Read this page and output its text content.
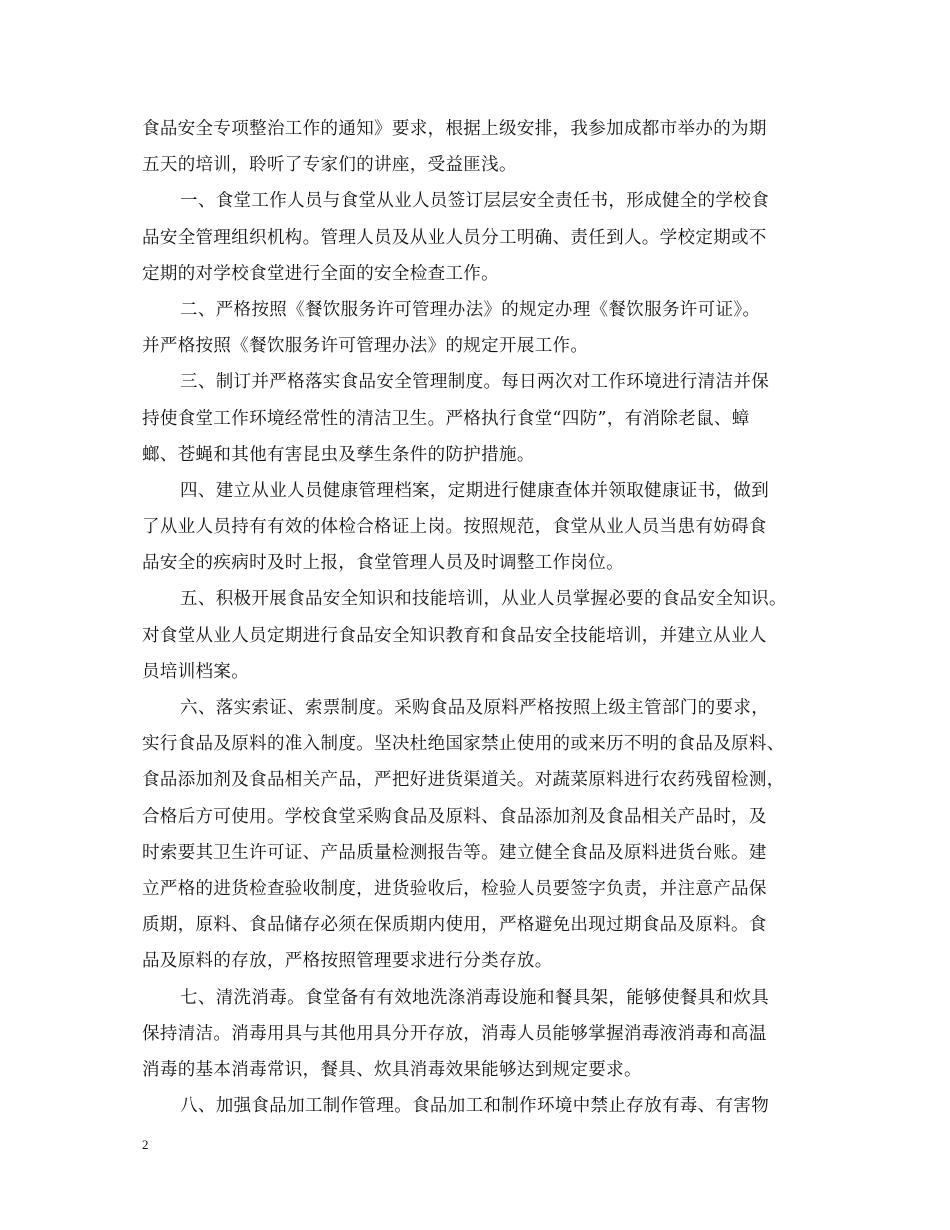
食品安全专项整治工作的通知》要求，根据上级安排，我参加成都市举办的为期
五天的培训，聆听了专家们的讲座，受益匪浅。
一、食堂工作人员与食堂从业人员签订层层安全责任书，形成健全的学校食
品安全管理组织机构。管理人员及从业人员分工明确、责任到人。学校定期或不
定期的对学校食堂进行全面的安全检查工作。
二、严格按照《餐饮服务许可管理办法》的规定办理《餐饮服务许可证》。
并严格按照《餐饮服务许可管理办法》的规定开展工作。
三、制订并严格落实食品安全管理制度。每日两次对工作环境进行清洁并保
持使食堂工作环境经常性的清洁卫生。严格执行食堂“四防”，有消除老鼠、蟑
螂、苍蝇和其他有害昆虫及孳生条件的防护措施。
四、建立从业人员健康管理档案，定期进行健康查体并领取健康证书，做到
了从业人员持有有效的体检合格证上岗。按照规范，食堂从业人员当患有妨碍食
品安全的疾病时及时上报，食堂管理人员及时调整工作岗位。
五、积极开展食品安全知识和技能培训，从业人员掌握必要的食品安全知识。
对食堂从业人员定期进行食品安全知识教育和食品安全技能培训，并建立从业人
员培训档案。
六、落实索证、索票制度。采购食品及原料严格按照上级主管部门的要求，
实行食品及原料的准入制度。坚决杜绝国家禁止使用的或来历不明的食品及原料、
食品添加剂及食品相关产品，严把好进货渠道关。对蔬菜原料进行农药残留检测，
合格后方可使用。学校食堂采购食品及原料、食品添加剂及食品相关产品时，及
时索要其卫生许可证、产品质量检测报告等。建立健全食品及原料进货台账。建
立严格的进货检查验收制度，进货验收后，检验人员要签字负责，并注意产品保
质期，原料、食品储存必须在保质期内使用，严格避免出现过期食品及原料。食
品及原料的存放，严格按照管理要求进行分类存放。
七、清洗消毒。食堂备有有效地洗涤消毒设施和餐具架，能够使餐具和炊具
保持清洁。消毒用具与其他用具分开存放，消毒人员能够掌握消毒液消毒和高温
消毒的基本消毒常识，餐具、炊具消毒效果能够达到规定要求。
八、加强食品加工制作管理。食品加工和制作环境中禁止存放有毒、有害物
2
